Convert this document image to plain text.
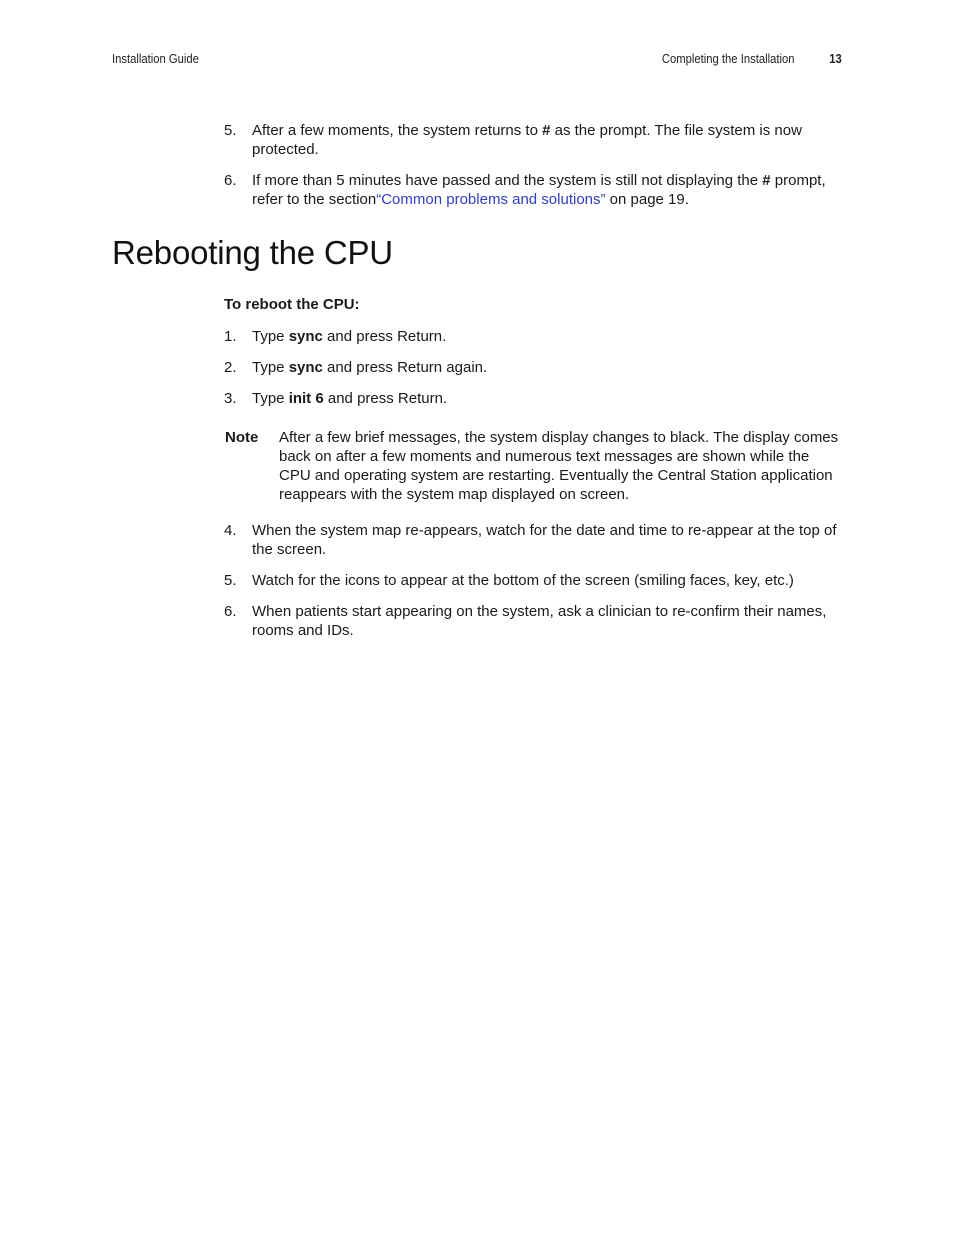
Installation Guide	Completing the Installation	13
5.	After a few moments, the system returns to # as the prompt. The file system is now protected.
6.	If more than 5 minutes have passed and the system is still not displaying the # prompt, refer to the section“Common problems and solutions” on page 19.
Rebooting the CPU
To reboot the CPU:
1.	Type sync and press Return.
2.	Type sync and press Return again.
3.	Type init 6 and press Return.
Note After a few brief messages, the system display changes to black. The display comes back on after a few moments and numerous text messages are shown while the CPU and operating system are restarting. Eventually the Central Station application reappears with the system map displayed on screen.
4.	When the system map re-appears, watch for the date and time to re-appear at the top of the screen.
5.	Watch for the icons to appear at the bottom of the screen (smiling faces, key, etc.)
6.	When patients start appearing on the system, ask a clinician to re-confirm their names, rooms and IDs.
